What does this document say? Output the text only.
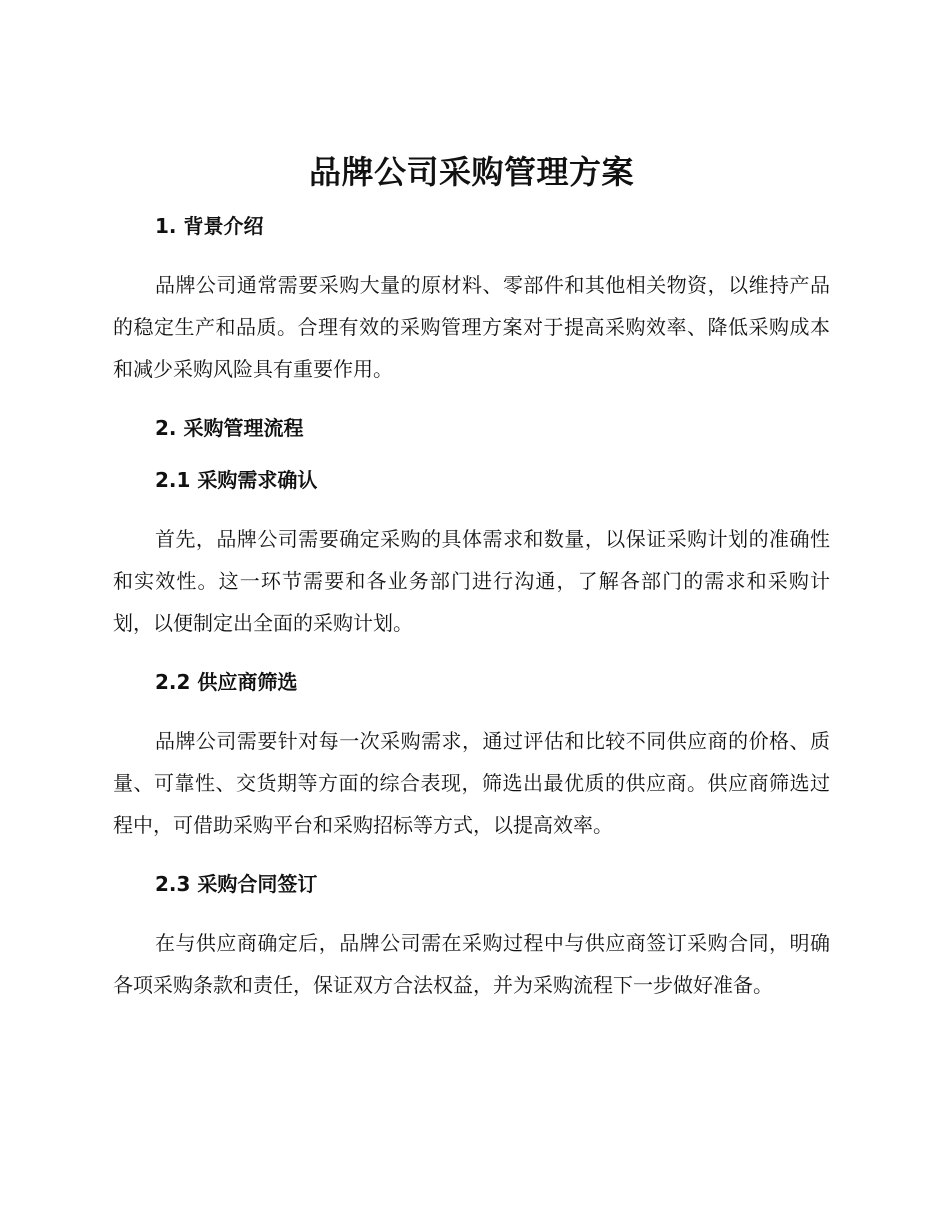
品牌公司采购管理方案
1. 背景介绍

品牌公司通常需要采购大量的原材料、零部件和其他相关物资，以维持产品的稳定生产和品质。合理有效的采购管理方案对于提高采购效率、降低采购成本和减少采购风险具有重要作用。

2. 采购管理流程
2.1 采购需求确认

首先，品牌公司需要确定采购的具体需求和数量，以保证采购计划的准确性和实效性。这一环节需要和各业务部门进行沟通，了解各部门的需求和采购计划，以便制定出全面的采购计划。

2.2 供应商筛选

品牌公司需要针对每一次采购需求，通过评估和比较不同供应商的价格、质量、可靠性、交货期等方面的综合表现，筛选出最优质的供应商。供应商筛选过程中，可借助采购平台和采购招标等方式，以提高效率。

2.3 采购合同签订

在与供应商确定后，品牌公司需在采购过程中与供应商签订采购合同，明确各项采购条款和责任，保证双方合法权益，并为采购流程下一步做好准备。
